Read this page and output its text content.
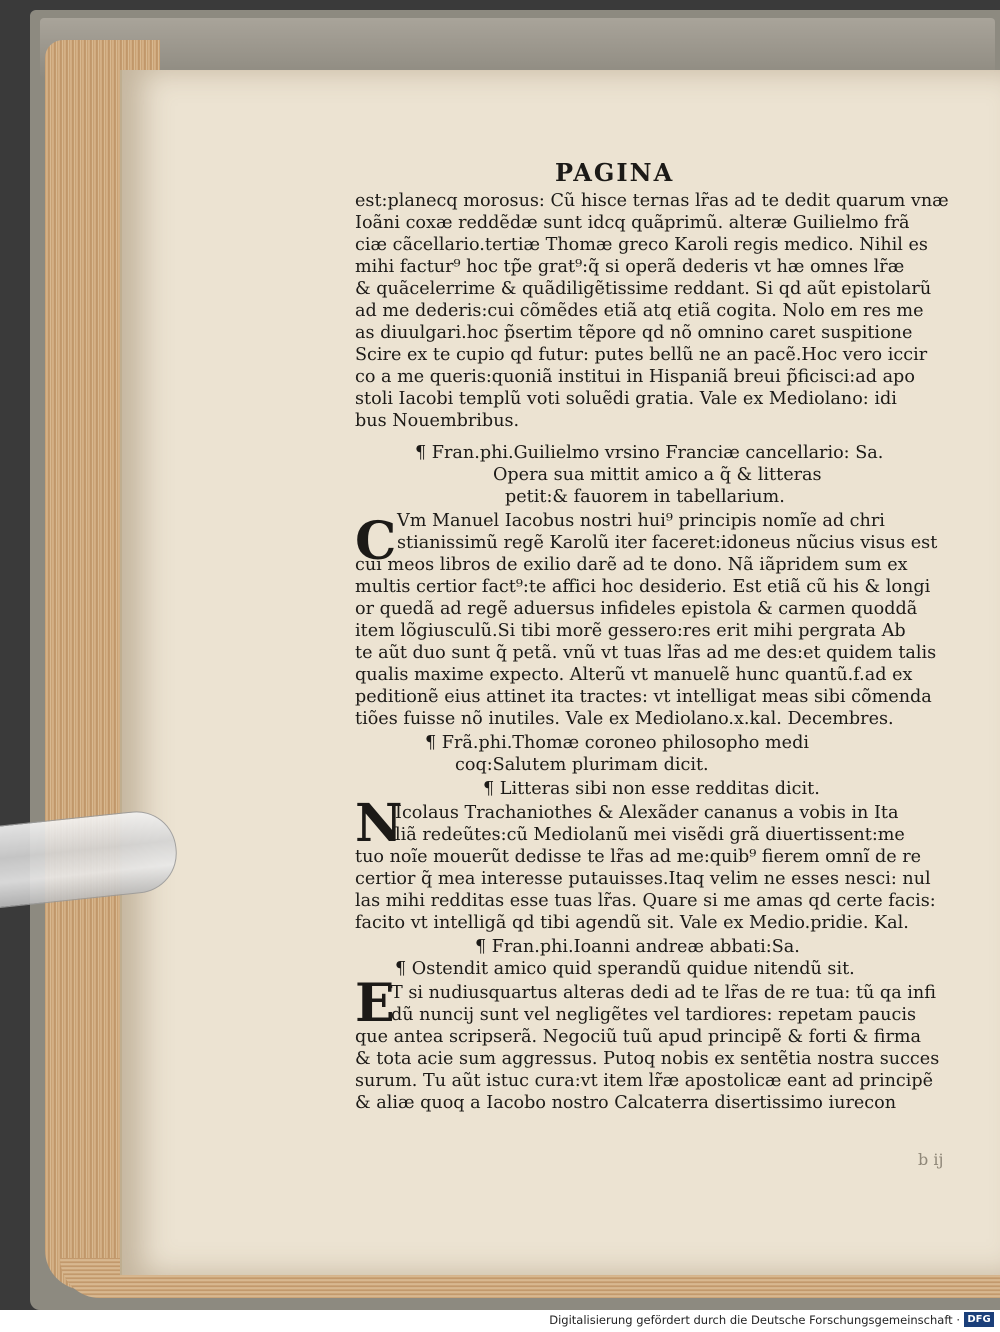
PAGINA
est:planecq morosus: Cũ hisce ternas lr̃as ad te dedit quarum vnæ
Ioãni coxæ reddẽdæ sunt idcq quãprimũ. alteræ Guilielmo frã
ciæ cãcellario.tertiæ Thomæ greco Karoli regis medico. Nihil es
mihi factur⁹ hoc tp̃e grat⁹:q̃ si operã dederis vt hæ omnes lr̃æ
& quãcelerrime & quãdiligẽtissime reddant. Si qd aũt epistolarũ
ad me dederis:cui cõmẽdes etiã atq etiã cogita. Nolo em res me
as diuulgari.hoc p̃sertim tẽpore qd nõ omnino caret suspitione
Scire ex te cupio qd futur: putes bellũ ne an pacẽ.Hoc vero iccir
co a me queris:quoniã institui in Hispaniã breui p̃ficisci:ad apo
stoli Iacobi templũ voti soluẽdi gratia. Vale ex Mediolano: idi
bus Nouembribus.
¶ Fran.phi.Guilielmo vrsino Franciæ cancellario: Sa.
Opera sua mittit amico a q̃ & litteras
petit:& fauorem in tabellarium.
Vm Manuel Iacobus nostri hui⁹ principis nomĩe ad chri
stianissimũ regẽ Karolũ iter faceret:idoneus nũcius visus est
cui meos libros de exilio darẽ ad te dono. Nã iãpridem sum ex
multis certior fact⁹:te affici hoc desiderio. Est etiã cũ his & longi
or quedã ad regẽ aduersus infideles epistola & carmen quoddã
item lõgiusculũ.Si tibi morẽ gessero:res erit mihi pergrata Ab
te aũt duo sunt q̃ petã. vnũ vt tuas lr̃as ad me des:et quidem talis
qualis maxime expecto. Alterũ vt manuelẽ hunc quantũ.f.ad ex
peditionẽ eius attinet ita tractes: vt intelligat meas sibi cõmenda
tiões fuisse nõ inutiles. Vale ex Mediolano.x.kal. Decembres.
¶ Frã.phi.Thomæ coroneo philosopho medi
coq:Salutem plurimam dicit.
¶ Litteras sibi non esse redditas dicit.
Icolaus Trachaniothes & Alexãder cananus a vobis in Ita
liã redeũtes:cũ Mediolanũ mei visẽdi grã diuertissent:me
tuo noĩe mouerũt dedisse te lr̃as ad me:quib⁹ fierem omnĩ de re
certior q̃ mea interesse putauisses.Itaq velim ne esses nesci: nul
las mihi redditas esse tuas lr̃as. Quare si me amas qd certe facis:
facito vt intelligã qd tibi agendũ sit. Vale ex Medio.pridie. Kal.
¶ Fran.phi.Ioanni andreæ abbati:Sa.
¶ Ostendit amico quid sperandũ quidue nitendũ sit.
T si nudiusquartus alteras dedi ad te lr̃as de re tua: tũ qa infi
dũ nuncij sunt vel negligẽtes vel tardiores: repetam paucis
que antea scripserã. Negociũ tuũ apud principẽ & forti & firma
& tota acie sum aggressus. Putoq nobis ex sentẽtia nostra succes
surum. Tu aũt istuc cura:vt item lr̃æ apostolicæ eant ad principẽ
& aliæ quoq a Iacobo nostro Calcaterra disertissimo iurecon
C
N
E
b ij
Digitalisierung gefördert durch die Deutsche Forschungsgemeinschaft · DFG
